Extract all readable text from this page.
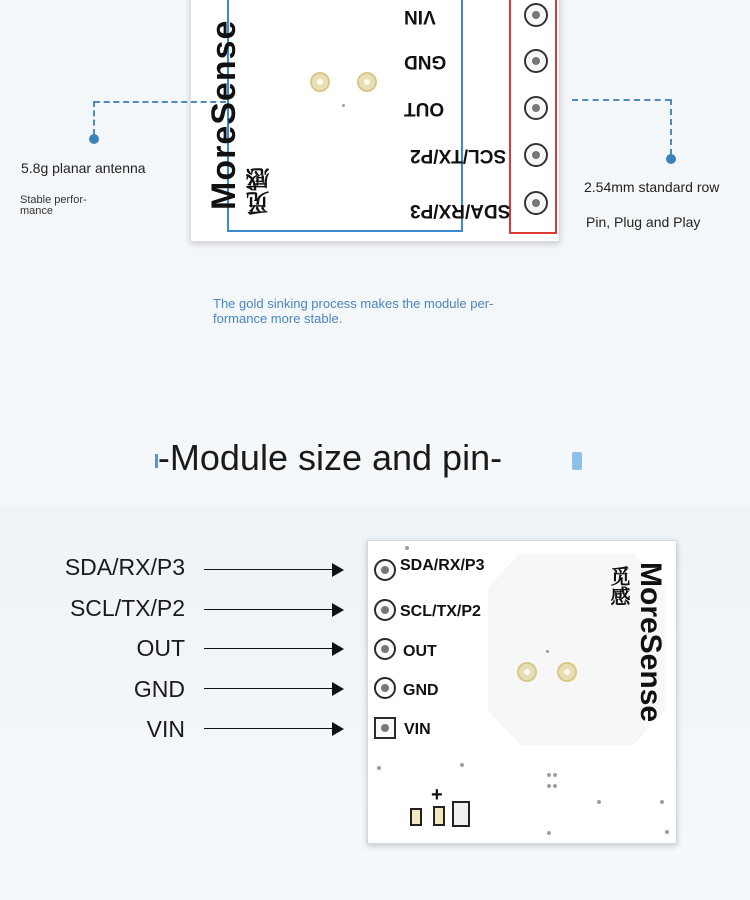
MoreSense 觅感
VIN
GND
OUT
SCL/TX/P2
SDA/RX/P3
5.8g planar antenna
Stable perfor-
mance
2.54mm standard row
Pin, Plug and Play
The gold sinking process makes the module per-
formance more stable.
-Module size and pin-
SDA/RX/P3
SCL/TX/P2
OUT
GND
VIN
SDA/RX/P3
SCL/TX/P2
OUT
GND
VIN
MoreSense
觅感
+
